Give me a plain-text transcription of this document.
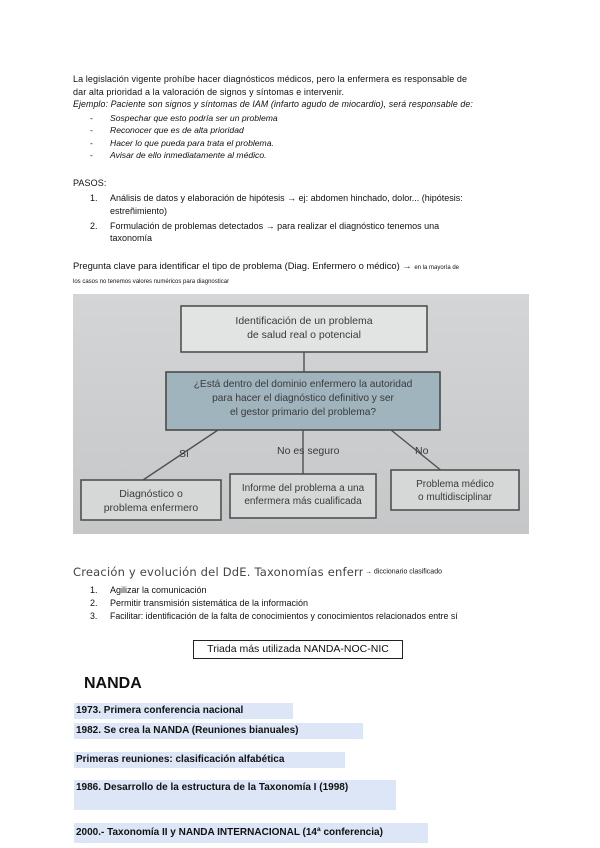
La legislación vigente prohíbe hacer diagnósticos médicos, pero la enfermera es responsable de
dar alta prioridad a la valoración de signos y síntomas e intervenir.
Ejemplo: Paciente son signos y síntomas de IAM (infarto agudo de miocardio), será responsable de:
- Sospechar que esto podría ser un problema
- Reconocer que es de alta prioridad
- Hacer lo que pueda para trata el problema.
- Avisar de ello inmediatamente al médico.
PASOS:
1. Análisis de datos y elaboración de hipótesis → ej: abdomen hinchado, dolor... (hipótesis:
estreñimiento)
2. Formulación de problemas detectados → para realizar el diagnóstico tenemos una
taxonomía
Pregunta clave para identificar el tipo de problema (Diag. Enfermero o médico) → en la mayoría de
los casos no tenemos valores numéricos para diagnosticar
Identificación de un problema
de salud real o potencial
¿Está dentro del dominio enfermero la autoridad
para hacer el diagnóstico definitivo y ser
el gestor primario del problema?
Sí	No es seguro	No
Diagnóstico o
problema enfermero
Informe del problema a una
enfermera más cualificada
Problema médico
o multidisciplinar
Creación y evolución del DdE. Taxonomías enfer → diccionario clasificado
1. Agilizar la comunicación
2. Permitir transmisión sistemática de la información
3. Facilitar: identificación de la falta de conocimientos y conocimientos relacionados entre sí
Triada más utilizada NANDA-NOC-NIC
NANDA
1973. Primera conferencia nacional
1982. Se crea la NANDA (Reuniones bianuales)
Primeras reuniones: clasificación alfabética
1986. Desarrollo de la estructura de la Taxonomía I (1998)
2000.- Taxonomía II y NANDA INTERNACIONAL (14ª conferencia)
